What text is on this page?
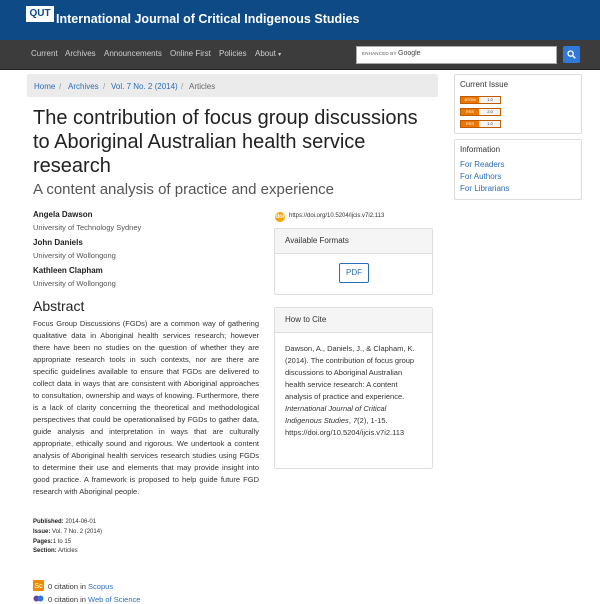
QUT International Journal of Critical Indigenous Studies
Current Archives Announcements Online First Policies About ▾	ENHANCED BY Google
Home / Archives / Vol. 7 No. 2 (2014) / Articles
The contribution of focus group discussions to Aboriginal Australian health service research
A content analysis of practice and experience
Angela Dawson
University of Technology Sydney
John Daniels
University of Wollongong
Kathleen Clapham
University of Wollongong
doi https://doi.org/10.5204/ijcis.v7i2.113
Available Formats
PDF
How to Cite
Dawson, A., Daniels, J., & Clapham, K. (2014). The contribution of focus group discussions to Aboriginal Australian health service research: A content analysis of practice and experience. International Journal of Critical Indigenous Studies, 7(2), 1-15. https://doi.org/10.5204/ijcis.v7i2.113
Abstract
Focus Group Discussions (FGDs) are a common way of gathering qualitative data in Aboriginal health services research; however there have been no studies on the question of whether they are appropriate research tools in such contexts, nor are there are specific guidelines available to ensure that FGDs are delivered to collect data in ways that are consistent with Aboriginal approaches to consultation, ownership and ways of knowing. Furthermore, there is a lack of clarity concerning the theoretical and methodological perspectives that could be operationalised by FGDs to gather data, guide analysis and interpretation in ways that are culturally appropriate, ethically sound and rigorous. We undertook a content analysis of Aboriginal health services research studies using FGDs to determine their use and elements that may provide insight into good practice. A framework is proposed to help guide future FGD research with Aboriginal people.
Published: 2014-06-01
Issue: Vol. 7 No. 2 (2014)
Pages:1 to 15
Section: Articles
Sc 0 citation in Scopus
0 citation in Web of Science
Current Issue
ATOM	1.0
RSS	2.0
RSS	1.0
Information
For Readers
For Authors
For Librarians
